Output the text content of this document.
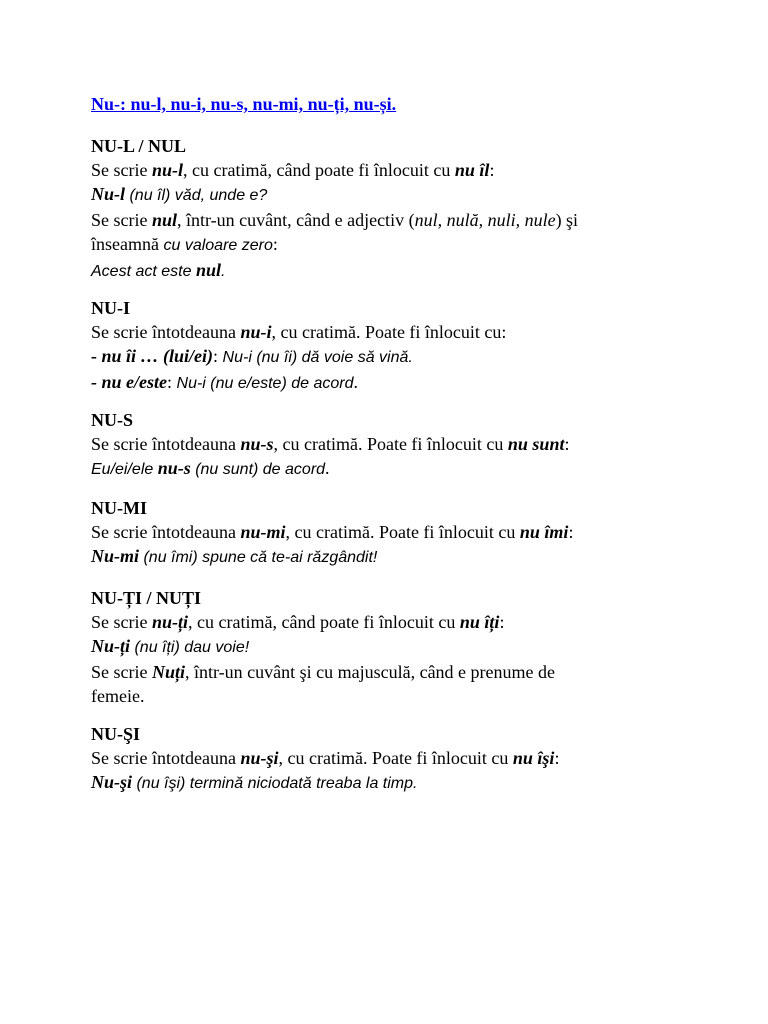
Nu-: nu-l, nu-i, nu-s, nu-mi, nu-ți, nu-și.
NU-L / NUL
Se scrie nu-l, cu cratimă, când poate fi înlocuit cu nu îl:
Nu-l (nu îl) văd, unde e?
Se scrie nul, într-un cuvânt, când e adjectiv (nul, nulă, nuli, nule) şi
înseamnă cu valoare zero:
Acest act este nul.
NU-I
Se scrie întotdeauna nu-i, cu cratimă. Poate fi înlocuit cu:
- nu îi … (lui/ei): Nu-i (nu îi) dă voie să vină.
- nu e/este: Nu-i (nu e/este) de acord.
NU-S
Se scrie întotdeauna nu-s, cu cratimă. Poate fi înlocuit cu nu sunt:
Eu/ei/ele nu-s (nu sunt) de acord.
NU-MI
Se scrie întotdeauna nu-mi, cu cratimă. Poate fi înlocuit cu nu îmi:
Nu-mi (nu îmi) spune că te-ai răzgândit!
NU-ȚI / NUȚI
Se scrie nu-ți, cu cratimă, când poate fi înlocuit cu nu îți:
Nu-ți (nu îți) dau voie!
Se scrie Nuți, într-un cuvânt şi cu majusculă, când e prenume de
femeie.
NU-ŞI
Se scrie întotdeauna nu-şi, cu cratimă. Poate fi înlocuit cu nu îşi:
Nu-şi (nu îşi) termină niciodată treaba la timp.
